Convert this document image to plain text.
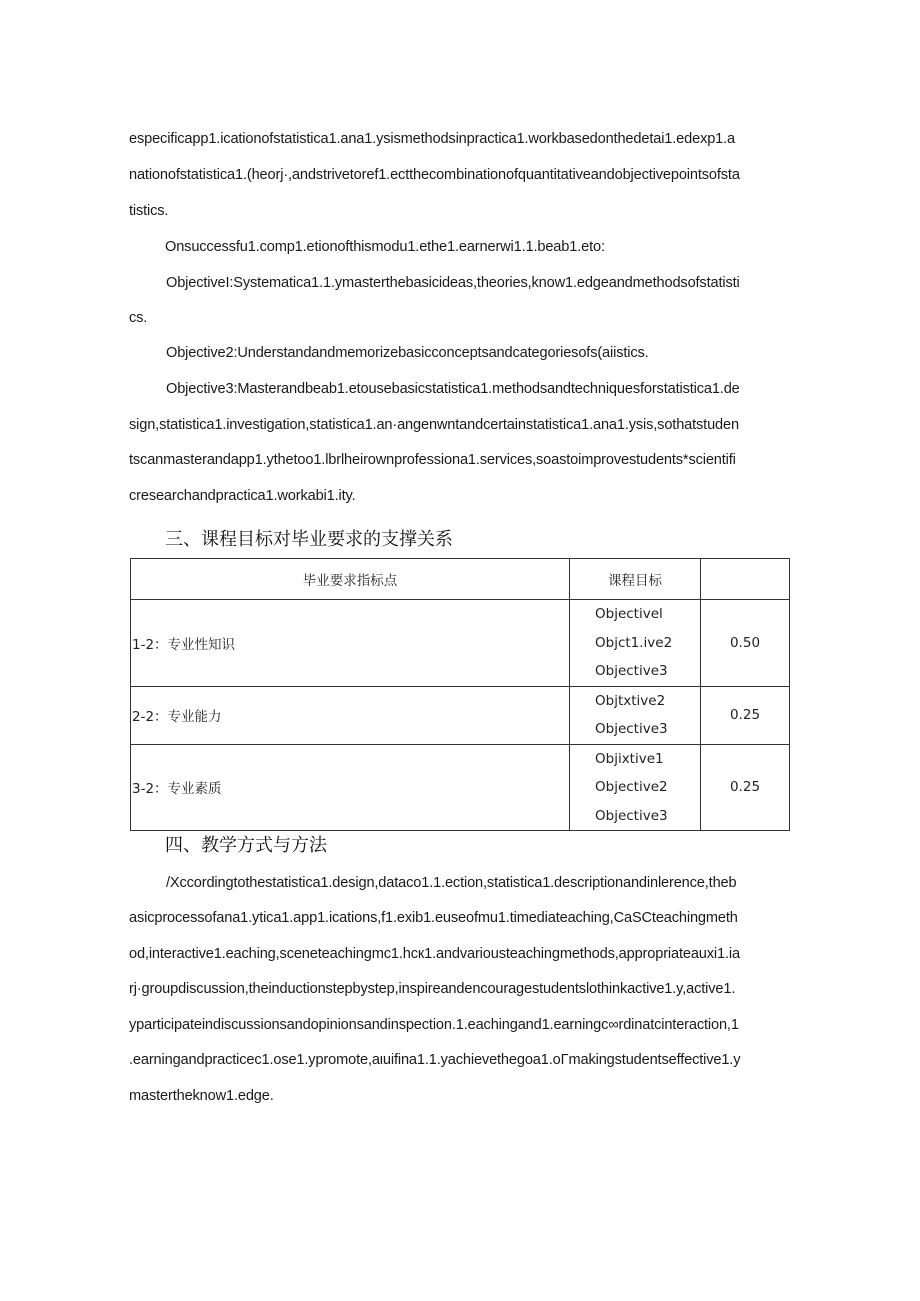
especificapp1.icationofstatistica1.ana1.ysismethodsinpractica1.workbasedonthedetai1.edexp1.a
nationofstatistica1.(heorj·,andstrivetoref1.ectthecombinationofquantitativeandobjectivepointsofsta
tistics.
Onsuccessfu1.comp1.etionofthismodu1.ethe1.earnerwi1.1.beab1.eto:
ObjectiveI:Systematica1.1.ymasterthebasicideas,theories,know1.edgeandmethodsofstatisti
cs.
Objective2:Understandandmemorizebasicconceptsandcategoriesofs(aiistics.
Objective3:Masterandbeab1.etousebasicstatistica1.methodsandtechniquesforstatistica1.de
sign,statistica1.investigation,statistica1.an·angenwntandcertainstatistica1.ana1.ysis,sothatstuden
tscanmasterandapp1.ythetoo1.lbrlheirownprofessiona1.services,soastoimprovestudents*scientifi
cresearchandpractica1.workabi1.ity.
三、课程目标对毕业要求的支撑关系
毕业要求指标点	课程目标	
1-2：专业性知识	Objectivel
Objct1.ive2
Objective3	0.50
2-2：专业能力	Objtxtive2
Objective3	0.25
3-2：专业素质	Objixtive1
Objective2
Objective3	0.25
四、教学方式与方法
/Xccordingtothestatistica1.design,dataco1.1.ection,statistica1.descriptionandinlerence,theb
asicprocessofana1.ytica1.app1.ications,f1.exib1.euseofmu1.timediateaching,CaSCteachingmeth
od,interactive1.eaching,sceneteachingmc1.hcк1.andvariousteachingmethods,appropriateauxi1.ia
rj·groupdiscussion,theinductionstepbystep,inspireandencouragestudentslothinkactive1.y,active1.
yparticipateindiscussionsandopinionsandinspection.1.eachingand1.earningc∞rdinatcinteraction,1
.earningandpracticec1.ose1.ypromote,aιuifina1.1.yachievethegoa1.oΓmakingstudentseffective1.y
mastertheknow1.edge.
